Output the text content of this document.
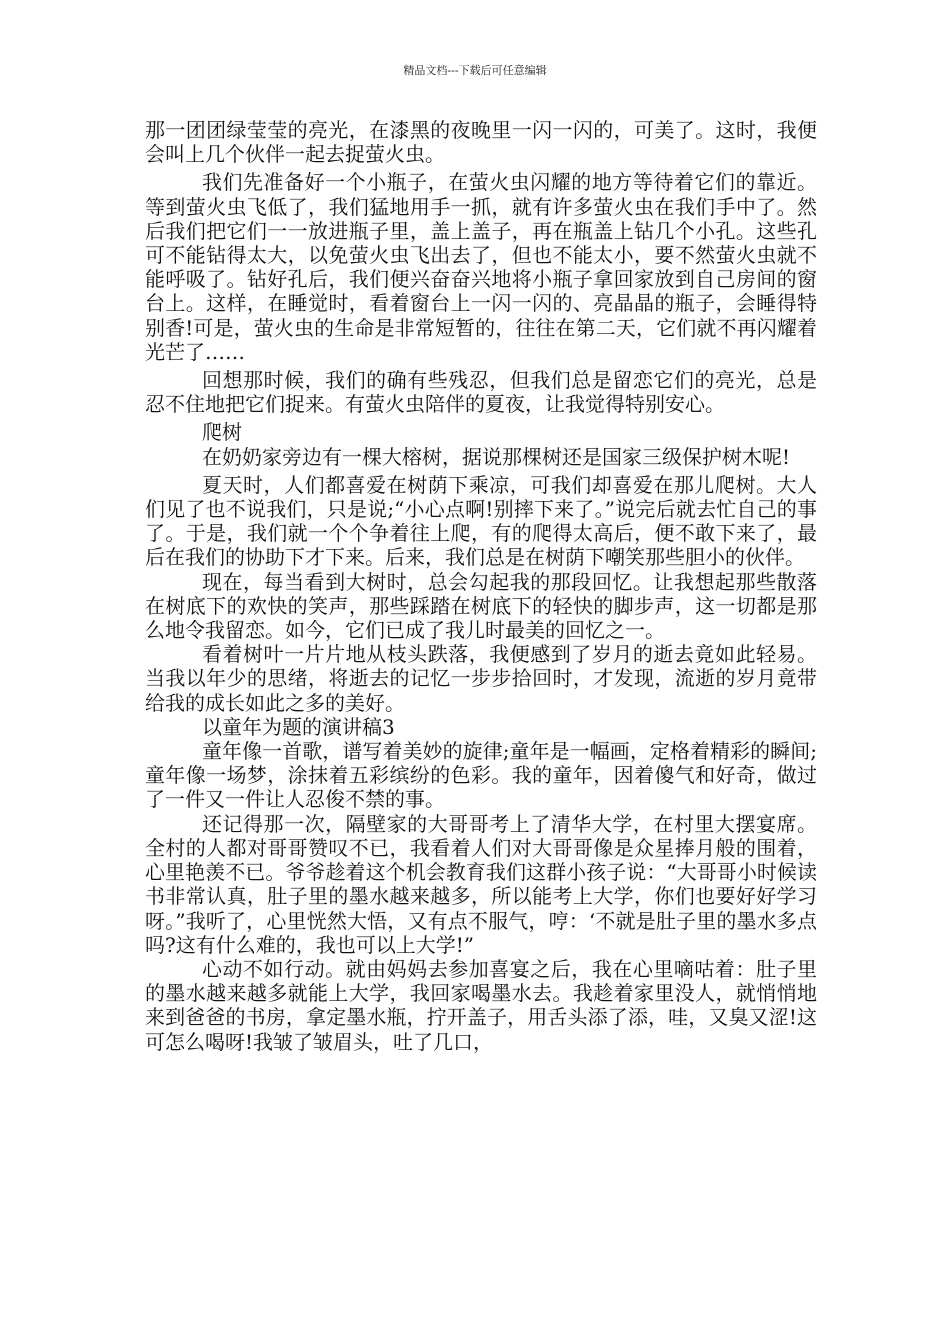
精品文档---下载后可任意编辑

那一团团绿莹莹的亮光，在漆黑的夜晚里一闪一闪的，可美了。这时，我便会叫上几个伙伴一起去捉萤火虫。

我们先准备好一个小瓶子，在萤火虫闪耀的地方等待着它们的靠近。等到萤火虫飞低了，我们猛地用手一抓，就有许多萤火虫在我们手中了。然后我们把它们一一放进瓶子里，盖上盖子，再在瓶盖上钻几个小孔。这些孔可不能钻得太大，以免萤火虫飞出去了，但也不能太小，要不然萤火虫就不能呼吸了。钻好孔后，我们便兴奋奋兴地将小瓶子拿回家放到自己房间的窗台上。这样，在睡觉时，看着窗台上一闪一闪的、亮晶晶的瓶子，会睡得特别香!可是，萤火虫的生命是非常短暂的，往往在第二天，它们就不再闪耀着光芒了……

回想那时候，我们的确有些残忍，但我们总是留恋它们的亮光，总是忍不住地把它们捉来。有萤火虫陪伴的夏夜，让我觉得特别安心。

爬树

在奶奶家旁边有一棵大榕树，据说那棵树还是国家三级保护树木呢!

夏天时，人们都喜爱在树荫下乘凉，可我们却喜爱在那儿爬树。大人们见了也不说我们，只是说;“小心点啊!别摔下来了。”说完后就去忙自己的事了。于是，我们就一个个争着往上爬，有的爬得太高后，便不敢下来了，最后在我们的协助下才下来。后来，我们总是在树荫下嘲笑那些胆小的伙伴。

现在，每当看到大树时，总会勾起我的那段回忆。让我想起那些散落在树底下的欢快的笑声，那些踩踏在树底下的轻快的脚步声，这一切都是那么地令我留恋。如今，它们已成了我儿时最美的回忆之一。

看着树叶一片片地从枝头跌落，我便感到了岁月的逝去竟如此轻易。当我以年少的思绪，将逝去的记忆一步步拾回时，才发现，流逝的岁月竟带给我的成长如此之多的美好。

以童年为题的演讲稿3

童年像一首歌，谱写着美妙的旋律;童年是一幅画，定格着精彩的瞬间;童年像一场梦，涂抹着五彩缤纷的色彩。我的童年，因着傻气和好奇，做过了一件又一件让人忍俊不禁的事。

还记得那一次，隔壁家的大哥哥考上了清华大学，在村里大摆宴席。全村的人都对哥哥赞叹不已，我看着人们对大哥哥像是众星捧月般的围着，心里艳羡不已。爷爷趁着这个机会教育我们这群小孩子说：“大哥哥小时候读书非常认真，肚子里的墨水越来越多，所以能考上大学，你们也要好好学习呀。”我听了，心里恍然大悟，又有点不服气，哼：‘不就是肚子里的墨水多点吗?这有什么难的，我也可以上大学!”

心动不如行动。就由妈妈去参加喜宴之后，我在心里嘀咕着：肚子里的墨水越来越多就能上大学，我回家喝墨水去。我趁着家里没人，就悄悄地来到爸爸的书房，拿定墨水瓶，拧开盖子，用舌头添了添，哇，又臭又涩!这可怎么喝呀!我皱了皱眉头，吐了几口，
